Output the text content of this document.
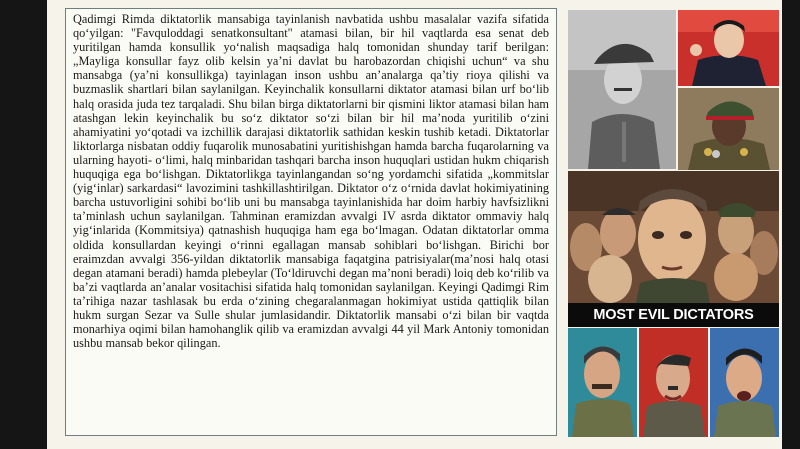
Qadimgi Rimda diktatorlik mansabiga tayinlanish navbatida ushbu masalalar vazifa sifatida qo‘yilgan: "Favquloddagi senatkonsultant" atamasi bilan, bir hil vaqtlarda esa senat deb yuritilgan hamda konsullik yo‘nalish maqsadiga halq tomonidan shunday tarif berilgan: „Mayliga konsullar fayz olib kelsin ya’ni davlat bu harobazordan chiqishi uchun“ va shu mansabga (ya’ni konsullikga) tayinlagan inson ushbu an’analarga qa’tiy rioya qilishi va buzmaslik shartlari bilan saylanilgan. Keyinchalik konsullarni diktator atamasi bilan urf bo‘lib halq orasida juda tez tarqaladi. Shu bilan birga diktatorlarni bir qismini liktor atamasi bilan ham atashgan lekin keyinchalik bu so‘z diktator so‘zi bilan bir hil ma’noda yuritilib o‘zini ahamiyatini yo‘qotadi va izchillik darajasi diktatorlik sathidan keskin tushib ketadi. Diktatorlar liktorlarga nisbatan oddiy fuqarolik munosabatini yuritishishgan hamda barcha fuqarolarning va ularning hayoti- o‘limi, halq minbaridan tashqari barcha inson huquqlari ustidan hukm chiqarish huquqiga ega bo‘lishgan. Diktatorlikga tayinlangandan so‘ng yordamchi sifatida „kommitslar (yig‘inlar) sarkardasi“ lavozimini tashkillashtirilgan. Diktator o‘z o‘rnida davlat hokimiyatining barcha ustuvorligini sohibi bo‘lib uni bu mansabga tayinlanishida har doim harbiy havfsizlikni ta’minlash uchun saylanilgan. Tahminan eramizdan avvalgi IV asrda diktator ommaviy halq yig‘inlarida (Kommitsiya) qatnashish huquqiga ham ega bo‘lmagan. Odatan diktatorlar omma oldida konsullardan keyingi o‘rinni egallagan mansab sohiblari bo‘lishgan. Birichi bor eraimzdan avvalgi 356-yildan diktatorlik mansabiga faqatgina patrisiyalar(ma’nosi halq otasi degan atamani beradi) hamda plebeylar (To‘ldiruvchi degan ma’noni beradi) loiq deb ko‘rilib va ba’zi vaqtlarda an’analar vositachisi sifatida halq tomonidan saylanilgan. Keyingi Qadimgi Rim ta’rihiga nazar tashlasak bu erda o‘zining chegaralanmagan hokimiyat ustida qattiqlik bilan hukm surgan Sezar va Sulle shular jumlasidandir. Diktatorlik mansabi o‘zi bilan bir vaqtda monarhiya oqimi bilan hamohanglik qilib va eramizdan avvalgi 44 yil Mark Antoniy tomonidan ushbu mansab bekor qilingan.

MOST EVIL DICTATORS
